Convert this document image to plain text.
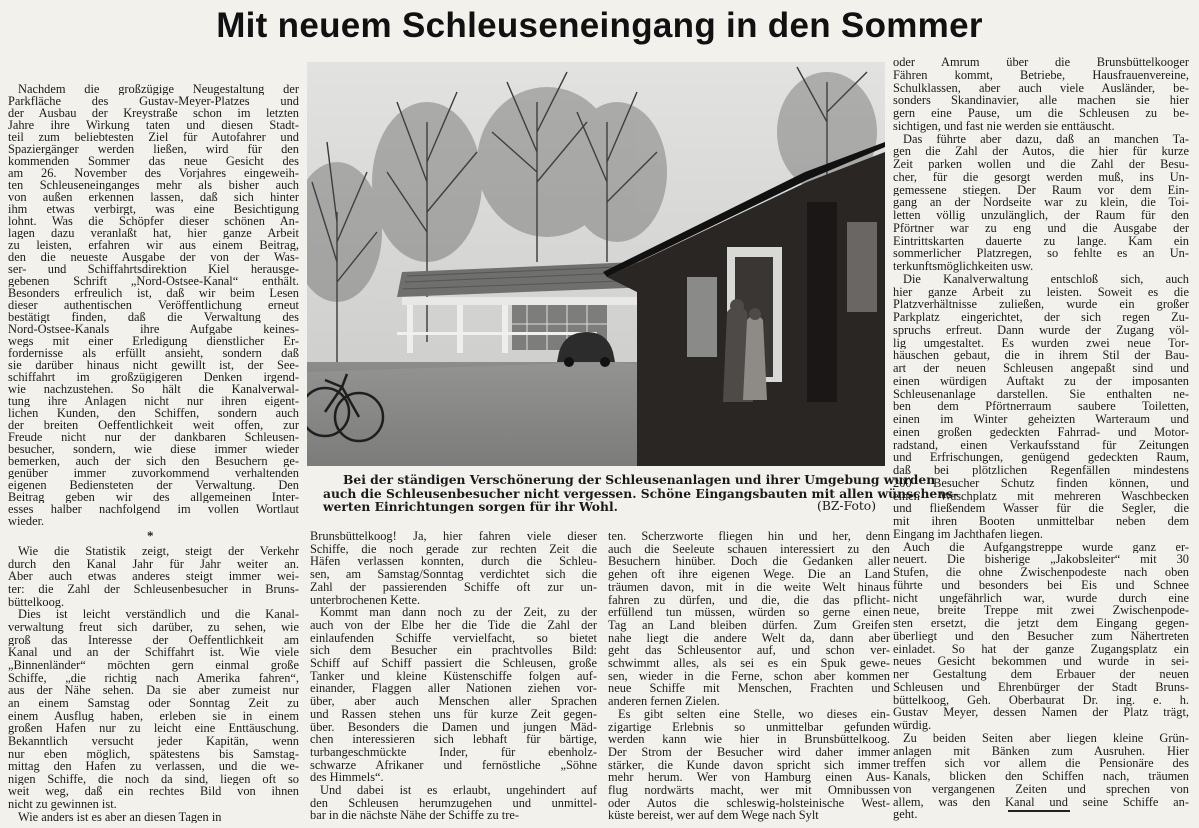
Mit neuem Schleuseneingang in den Sommer
Nachdem die großzügige Neugestaltung der
Parkfläche des Gustav-Meyer-Platzes und
der Ausbau der Kreystraße schon im letzten
Jahre ihre Wirkung taten und diesen Stadt-
teil zum beliebtesten Ziel für Autofahrer und
Spaziergänger werden ließen, wird für den
kommenden Sommer das neue Gesicht des
am 26. November des Vorjahres eingeweih-
ten Schleuseneinganges mehr als bisher auch
von außen erkennen lassen, daß sich hinter
ihm etwas verbirgt, was eine Besichtigung
lohnt. Was die Schöpfer dieser schönen An-
lagen dazu veranlaßt hat, hier ganze Arbeit
zu leisten, erfahren wir aus einem Beitrag,
den die neueste Ausgabe der von der Was-
ser- und Schiffahrtsdirektion Kiel herausge-
gebenen Schrift „Nord-Ostsee-Kanal“ enthält.
Besonders erfreulich ist, daß wir beim Lesen
dieser authentischen Veröffentlichung erneut
bestätigt finden, daß die Verwaltung des
Nord-Ostsee-Kanals ihre Aufgabe keines-
wegs mit einer Erledigung dienstlicher Er-
fordernisse als erfüllt ansieht, sondern daß
sie darüber hinaus nicht gewillt ist, der See-
schiffahrt im großzügigeren Denken irgend-
wie nachzustehen. So hält die Kanalverwal-
tung ihre Anlagen nicht nur ihren eigent-
lichen Kunden, den Schiffen, sondern auch
der breiten Oeffentlichkeit weit offen, zur
Freude nicht nur der dankbaren Schleusen-
besucher, sondern, wie diese immer wieder
bemerken, auch der sich den Besuchern ge-
genüber immer zuvorkommend verhaltenden
eigenen Bediensteten der Verwaltung. Den
Beitrag geben wir des allgemeinen Inter-
esses halber nachfolgend im vollen Wortlaut
wieder.
*
Wie die Statistik zeigt, steigt der Verkehr
durch den Kanal Jahr für Jahr weiter an.
Aber auch etwas anderes steigt immer wei-
ter: die Zahl der Schleusenbesucher in Bruns-
büttelkoog.
Dies ist leicht verständlich und die Kanal-
verwaltung freut sich darüber, zu sehen, wie
groß das Interesse der Oeffentlichkeit am
Kanal und an der Schiffahrt ist. Wie viele
„Binnenländer“ möchten gern einmal große
Schiffe, „die richtig nach Amerika fahren“,
aus der Nähe sehen. Da sie aber zumeist nur
an einem Samstag oder Sonntag Zeit zu
einem Ausflug haben, erleben sie in einem
großen Hafen nur zu leicht eine Enttäuschung.
Bekanntlich versucht jeder Kapitän, wenn
nur eben möglich, spätestens bis Samstag-
mittag den Hafen zu verlassen, und die we-
nigen Schiffe, die noch da sind, liegen oft so
weit weg, daß ein rechtes Bild von ihnen
nicht zu gewinnen ist.
Wie anders ist es aber an diesen Tagen in
Brunsbüttelkoog! Ja, hier fahren viele dieser
Schiffe, die noch gerade zur rechten Zeit die
Häfen verlassen konnten, durch die Schleu-
sen, am Samstag/Sonntag verdichtet sich die
Zahl der passierenden Schiffe oft zur un-
unterbrochenen Kette.
Kommt man dann noch zu der Zeit, zu der
auch von der Elbe her die Tide die Zahl der
einlaufenden Schiffe vervielfacht, so bietet
sich dem Besucher ein prachtvolles Bild:
Schiff auf Schiff passiert die Schleusen, große
Tanker und kleine Küstenschiffe folgen auf-
einander, Flaggen aller Nationen ziehen vor-
über, aber auch Menschen aller Sprachen
und Rassen stehen uns für kurze Zeit gegen-
über. Besonders die Damen und jungen Mäd-
chen interessieren sich lebhaft für bärtige,
turbangeschmückte Inder, für ebenholz-
schwarze Afrikaner und fernöstliche „Söhne
des Himmels“.
Und dabei ist es erlaubt, ungehindert auf
den Schleusen herumzugehen und unmittel-
bar in die nächste Nähe der Schiffe zu tre-
ten. Scherzworte fliegen hin und her, denn
auch die Seeleute schauen interessiert zu den
Besuchern hinüber. Doch die Gedanken aller
gehen oft ihre eigenen Wege. Die an Land
träumen davon, mit in die weite Welt hinaus
fahren zu dürfen, und die, die das pflicht-
erfüllend tun müssen, würden so gerne einen
Tag an Land bleiben dürfen. Zum Greifen
nahe liegt die andere Welt da, dann aber
geht das Schleusentor auf, und schon ver-
schwimmt alles, als sei es ein Spuk gewe-
sen, wieder in die Ferne, schon aber kommen
neue Schiffe mit Menschen, Frachten und
anderen fernen Zielen.
Es gibt selten eine Stelle, wo dieses ein-
zigartige Erlebnis so unmittelbar gefunden
werden kann wie hier in Brunsbüttelkoog.
Der Strom der Besucher wird daher immer
stärker, die Kunde davon spricht sich immer
mehr herum. Wer von Hamburg einen Aus-
flug nordwärts macht, wer mit Omnibussen
oder Autos die schleswig-holsteinische West-
küste bereist, wer auf dem Wege nach Sylt
oder Amrum über die Brunsbüttelkooger
Fähren kommt, Betriebe, Hausfrauenvereine,
Schulklassen, aber auch viele Ausländer, be-
sonders Skandinavier, alle machen sie hier
gern eine Pause, um die Schleusen zu be-
sichtigen, und fast nie werden sie enttäuscht.
Das führte aber dazu, daß an manchen Ta-
gen die Zahl der Autos, die hier für kurze
Zeit parken wollen und die Zahl der Besu-
cher, für die gesorgt werden muß, ins Un-
gemessene stiegen. Der Raum vor dem Ein-
gang an der Nordseite war zu klein, die Toi-
letten völlig unzulänglich, der Raum für den
Pförtner war zu eng und die Ausgabe der
Eintrittskarten dauerte zu lange. Kam ein
sommerlicher Platzregen, so fehlte es an Un-
terkunftsmöglichkeiten usw.
Die Kanalverwaltung entschloß sich, auch
hier ganze Arbeit zu leisten. Soweit es die
Platzverhältnisse zuließen, wurde ein großer
Parkplatz eingerichtet, der sich regen Zu-
spruchs erfreut. Dann wurde der Zugang völ-
lig umgestaltet. Es wurden zwei neue Tor-
häuschen gebaut, die in ihrem Stil der Bau-
art der neuen Schleusen angepaßt sind und
einen würdigen Auftakt zu der imposanten
Schleusenanlage darstellen. Sie enthalten ne-
ben dem Pförtnerraum saubere Toiletten,
einen im Winter geheizten Warteraum und
einen großen gedeckten Fahrrad- und Motor-
radstand, einen Verkaufsstand für Zeitungen
und Erfrischungen, genügend gedeckten Raum,
daß bei plötzlichen Regenfällen mindestens
200 Besucher Schutz finden können, und
einen Waschplatz mit mehreren Waschbecken
und fließendem Wasser für die Segler, die
mit ihren Booten unmittelbar neben dem
Eingang im Jachthafen liegen.
Auch die Aufgangstreppe wurde ganz er-
neuert. Die bisherige „Jakobsleiter“ mit 30
Stufen, die ohne Zwischenpodeste nach oben
führte und besonders bei Eis und Schnee
nicht ungefährlich war, wurde durch eine
neue, breite Treppe mit zwei Zwischenpode-
sten ersetzt, die jetzt dem Eingang gegen-
überliegt und den Besucher zum Nähertreten
einladet. So hat der ganze Zugangsplatz ein
neues Gesicht bekommen und wurde in sei-
ner Gestaltung dem Erbauer der neuen
Schleusen und Ehrenbürger der Stadt Bruns-
büttelkoog, Geh. Oberbaurat Dr. ing. e. h.
Gustav Meyer, dessen Namen der Platz trägt,
würdig.
Zu beiden Seiten aber liegen kleine Grün-
anlagen mit Bänken zum Ausruhen. Hier
treffen sich vor allem die Pensionäre des
Kanals, blicken den Schiffen nach, träumen
von vergangenen Zeiten und sprechen von
allem, was den Kanal und seine Schiffe an-
geht.
Bei der ständigen Verschönerung der Schleusenanlagen und ihrer Umgebung wurden
auch die Schleusenbesucher nicht vergessen. Schöne Eingangsbauten mit allen wünschens-
werten Einrichtungen sorgen für ihr Wohl.	(BZ-Foto)
